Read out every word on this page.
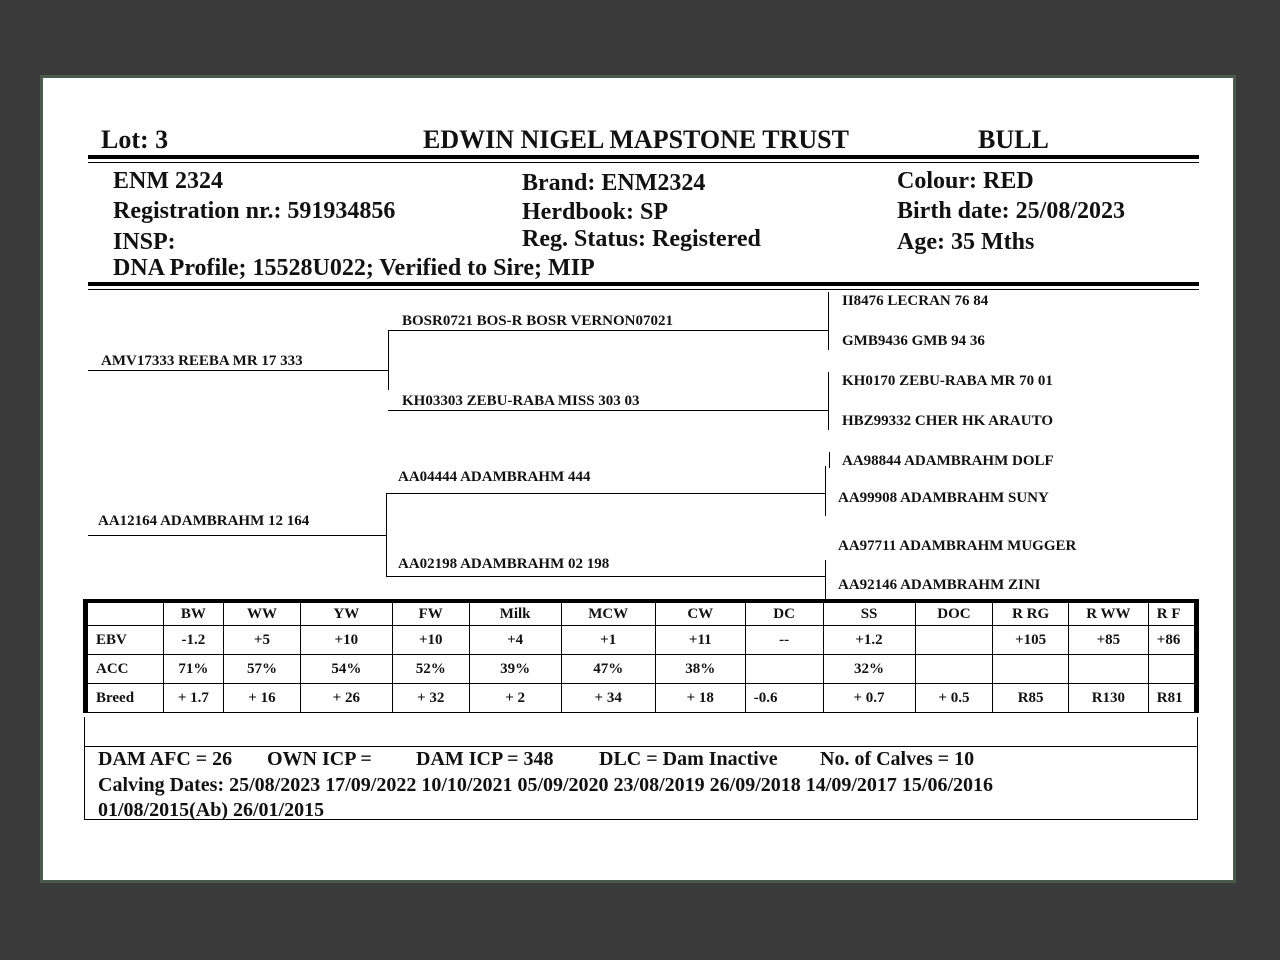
Lot: 3	EDWIN NIGEL MAPSTONE TRUST	BULL
ENM 2324	Brand: ENM2324	Colour: RED
Registration nr.: 591934856	Herdbook: SP	Birth date: 25/08/2023
INSP:	Reg. Status: Registered	Age: 35 Mths
DNA Profile; 15528U022; Verified to Sire; MIP
AMV17333 REEBA MR 17 333
BOSR0721 BOS-R BOSR VERNON07021
KH03303 ZEBU-RABA MISS 303 03
II8476 LECRAN 76 84
GMB9436 GMB 94 36
KH0170 ZEBU-RABA MR 70 01
HBZ99332 CHER HK ARAUTO
AA12164 ADAMBRAHM 12 164
AA04444 ADAMBRAHM 444
AA02198 ADAMBRAHM 02 198
AA98844 ADAMBRAHM DOLF
AA99908 ADAMBRAHM SUNY
AA97711 ADAMBRAHM MUGGER
AA92146 ADAMBRAHM ZINI
	BW	WW	YW	FW	Milk	MCW	CW	DC	SS	DOC	R RG	R WW	R F
EBV	-1.2	+5	+10	+10	+4	+1	+11	--	+1.2		+105	+85	+86
ACC	71%	57%	54%	52%	39%	47%	38%		32%				
Breed	+ 1.7	+ 16	+ 26	+ 32	+ 2	+ 34	+ 18	-0.6	+ 0.7	+ 0.5	R85	R130	R81
DAM AFC = 26 OWN ICP = DAM ICP = 348 DLC = Dam Inactive No. of Calves = 10
Calving Dates: 25/08/2023 17/09/2022 10/10/2021 05/09/2020 23/08/2019 26/09/2018 14/09/2017 15/06/2016
01/08/2015(Ab) 26/01/2015
